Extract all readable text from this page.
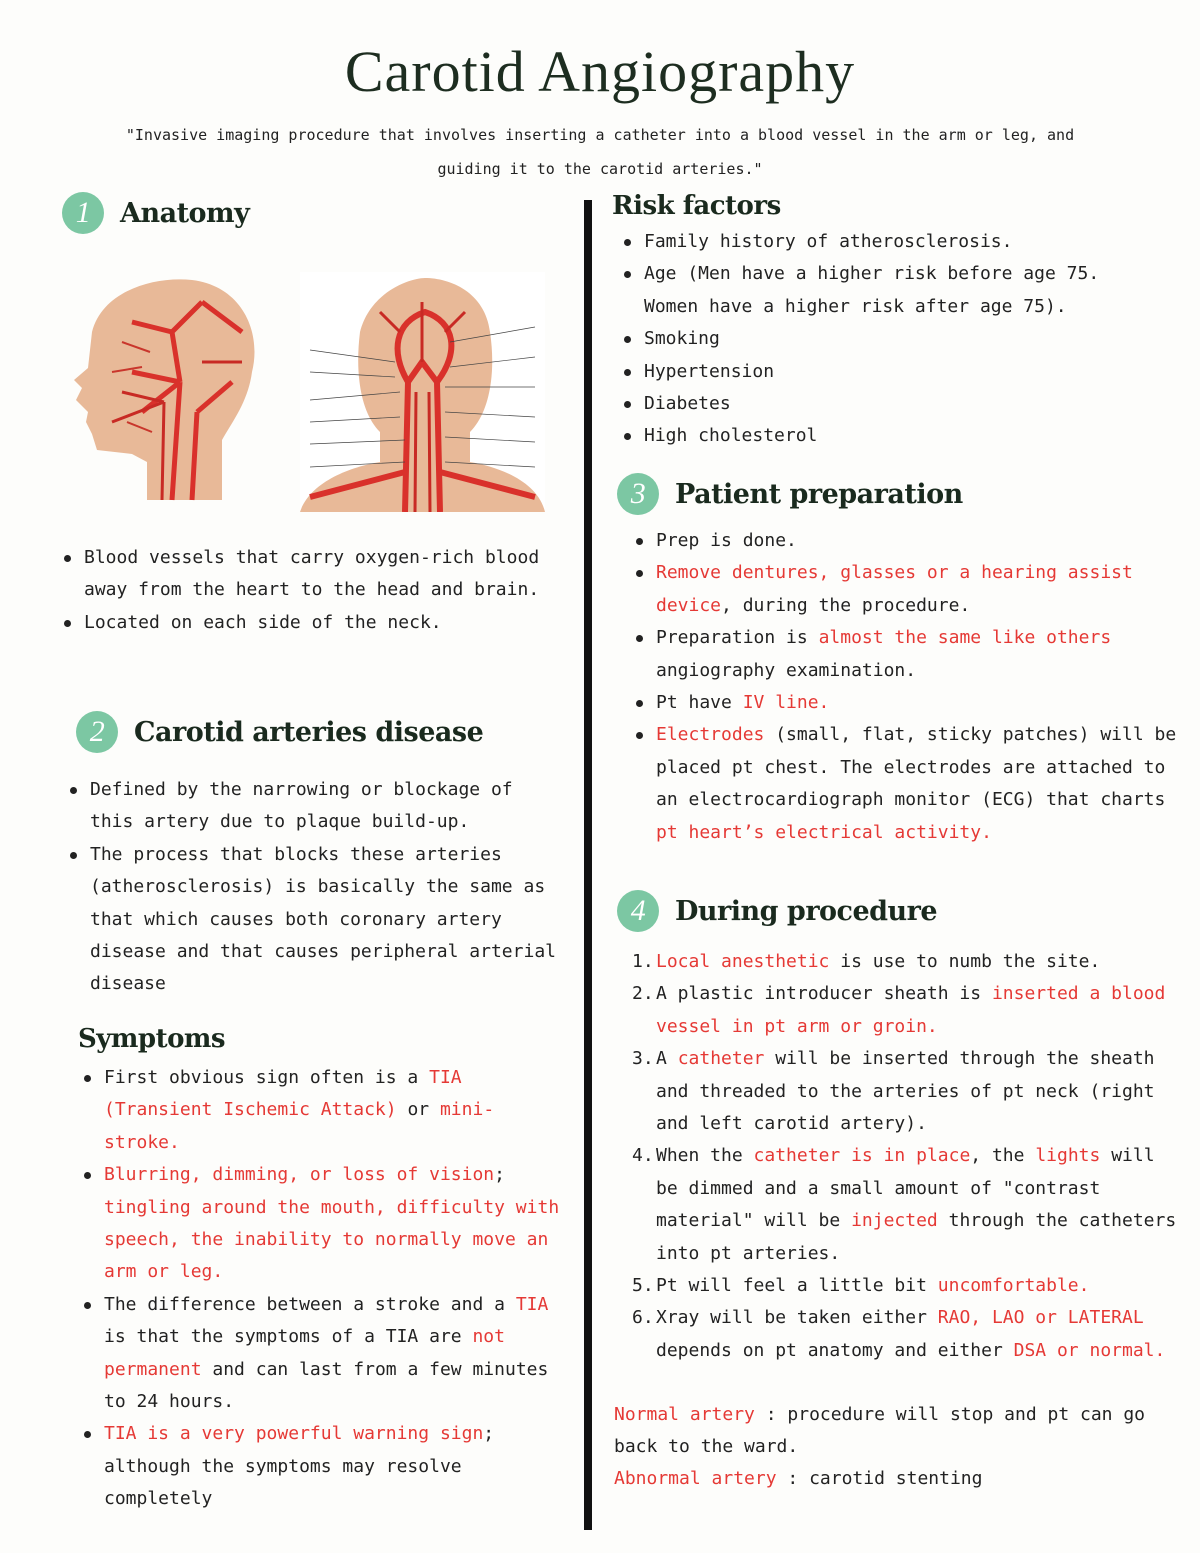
Carotid Angiography
"Invasive imaging procedure that involves inserting a catheter into a blood vessel in the arm or leg, and
guiding it to the carotid arteries."
1	Anatomy
Blood vessels that carry oxygen-rich blood away from the heart to the head and brain.
Located on each side of the neck.
2	Carotid arteries disease
Defined by the narrowing or blockage of this artery due to plaque build-up.
The process that blocks these arteries (atherosclerosis) is basically the same as that which causes both coronary artery disease and that causes peripheral arterial disease
Symptoms
First obvious sign often is a TIA (Transient Ischemic Attack) or mini-stroke.
Blurring, dimming, or loss of vision; tingling around the mouth, difficulty with speech, the inability to normally move an arm or leg.
The difference between a stroke and a TIA is that the symptoms of a TIA are not permanent and can last from a few minutes to 24 hours.
TIA is a very powerful warning sign; although the symptoms may resolve completely
Risk factors
Family history of atherosclerosis.
Age (Men have a higher risk before age 75. Women have a higher risk after age 75).
Smoking
Hypertension
Diabetes
High cholesterol
3	Patient preparation
Prep is done.
Remove dentures, glasses or a hearing assist device, during the procedure.
Preparation is almost the same like others angiography examination.
Pt have IV line.
Electrodes (small, flat, sticky patches) will be placed pt chest. The electrodes are attached to an electrocardiograph monitor (ECG) that charts pt heart’s electrical activity.
4	During procedure
1. Local anesthetic is use to numb the site.
2. A plastic introducer sheath is inserted a blood vessel in pt arm or groin.
3. A catheter will be inserted through the sheath and threaded to the arteries of pt neck (right and left carotid artery).
4. When the catheter is in place, the lights will be dimmed and a small amount of "contrast material" will be injected through the catheters into pt arteries.
5. Pt will feel a little bit uncomfortable.
6. Xray will be taken either RAO, LAO or LATERAL depends on pt anatomy and either DSA or normal.

Normal artery : procedure will stop and pt can go back to the ward.

Abnormal artery : carotid stenting
